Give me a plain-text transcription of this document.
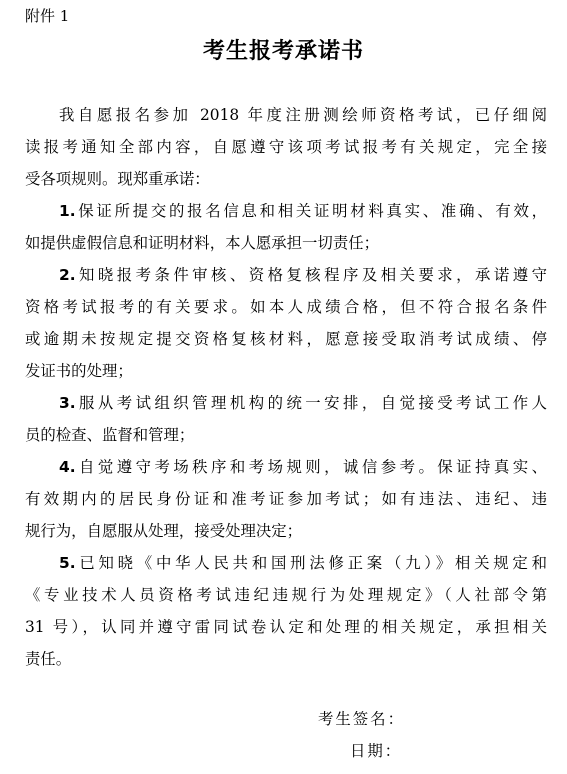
附件 1
考生报考承诺书
我自愿报名参加 2018 年度注册测绘师资格考试，已仔细阅
读报考通知全部内容，自愿遵守该项考试报考有关规定，完全接
受各项规则。现郑重承诺：
1.保证所提交的报名信息和相关证明材料真实、准确、有效，
如提供虚假信息和证明材料，本人愿承担一切责任；
2.知晓报考条件审核、资格复核程序及相关要求，承诺遵守
资格考试报考的有关要求。如本人成绩合格，但不符合报名条件
或逾期未按规定提交资格复核材料，愿意接受取消考试成绩、停
发证书的处理；
3.服从考试组织管理机构的统一安排，自觉接受考试工作人
员的检查、监督和管理；
4.自觉遵守考场秩序和考场规则，诚信参考。保证持真实、
有效期内的居民身份证和准考证参加考试；如有违法、违纪、违
规行为，自愿服从处理，接受处理决定；
5.已知晓《中华人民共和国刑法修正案（九）》相关规定和
《专业技术人员资格考试违纪违规行为处理规定》（人社部令第
31 号），认同并遵守雷同试卷认定和处理的相关规定，承担相关
责任。
考生签名：
日期：
